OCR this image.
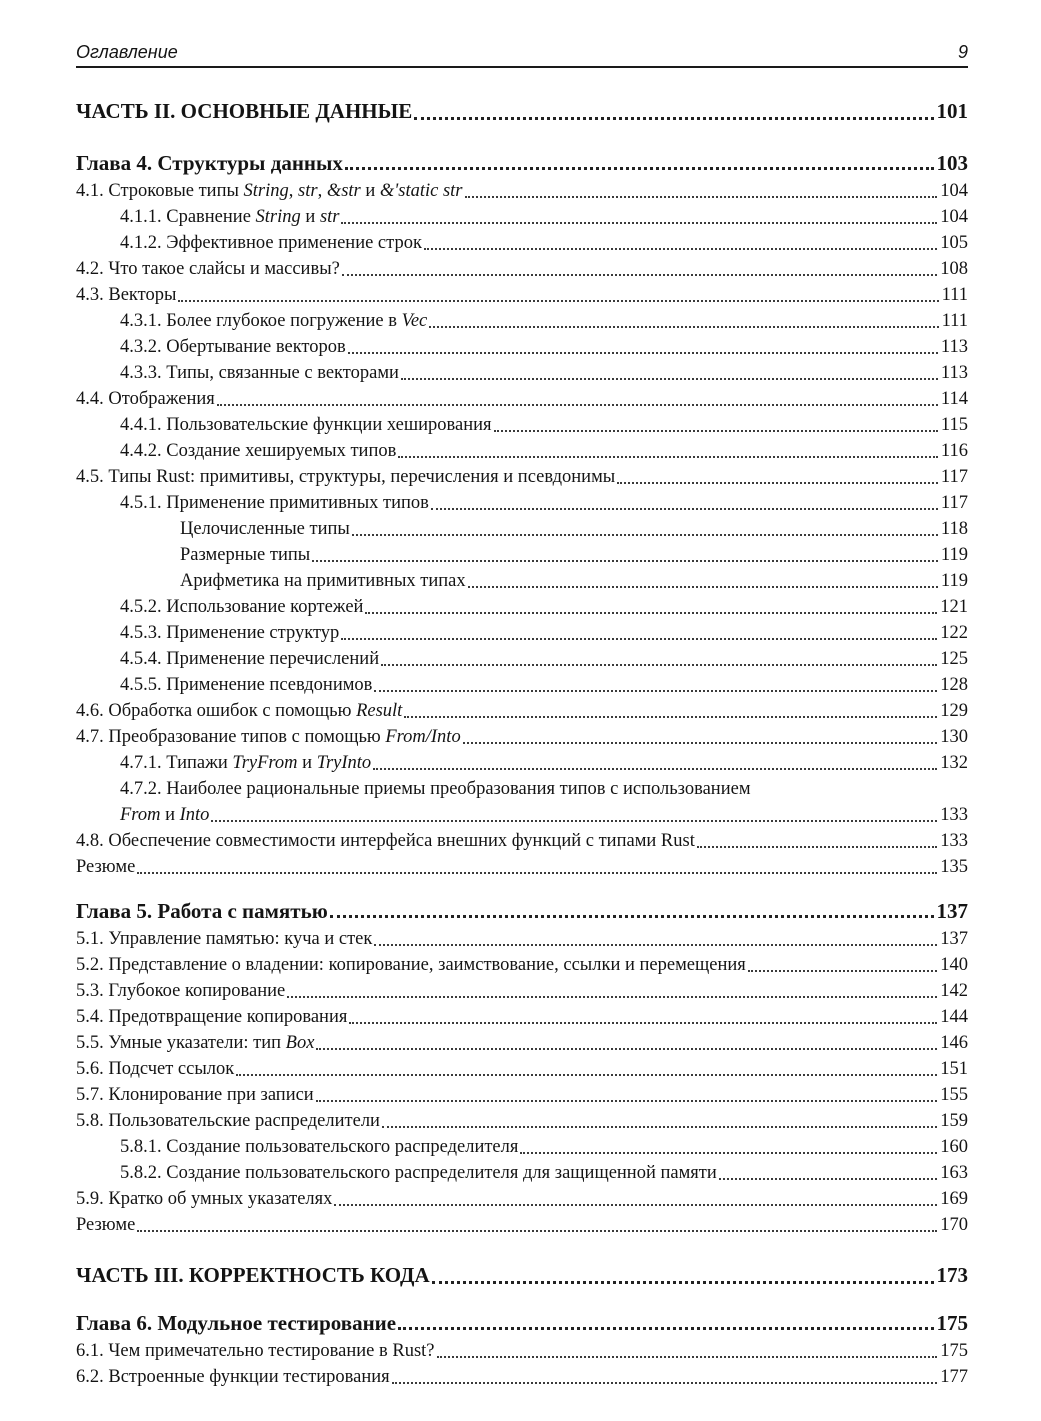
Оглавление	9
ЧАСТЬ II. ОСНОВНЫЕ ДАННЫЕ	101
Глава 4. Структуры данных	103
4.1. Строковые типы String, str, &str и &'static str	104
4.1.1. Сравнение String и str	104
4.1.2. Эффективное применение строк	105
4.2. Что такое слайсы и массивы?	108
4.3. Векторы	111
4.3.1. Более глубокое погружение в Vec	111
4.3.2. Обертывание векторов	113
4.3.3. Типы, связанные с векторами	113
4.4. Отображения	114
4.4.1. Пользовательские функции хеширования	115
4.4.2. Создание хешируемых типов	116
4.5. Типы Rust: примитивы, структуры, перечисления и псевдонимы	117
4.5.1. Применение примитивных типов	117
Целочисленные типы	118
Размерные типы	119
Арифметика на примитивных типах	119
4.5.2. Использование кортежей	121
4.5.3. Применение структур	122
4.5.4. Применение перечислений	125
4.5.5. Применение псевдонимов	128
4.6. Обработка ошибок с помощью Result	129
4.7. Преобразование типов с помощью From/Into	130
4.7.1. Типажи TryFrom и TryInto	132
4.7.2. Наиболее рациональные приемы преобразования типов с использованием
From и Into	133
4.8. Обеспечение совместимости интерфейса внешних функций с типами Rust	133
Резюме	135
Глава 5. Работа с памятью	137
5.1. Управление памятью: куча и стек	137
5.2. Представление о владении: копирование, заимствование, ссылки и перемещения	140
5.3. Глубокое копирование	142
5.4. Предотвращение копирования	144
5.5. Умные указатели: тип Box	146
5.6. Подсчет ссылок	151
5.7. Клонирование при записи	155
5.8. Пользовательские распределители	159
5.8.1. Создание пользовательского распределителя	160
5.8.2. Создание пользовательского распределителя для защищенной памяти	163
5.9. Кратко об умных указателях	169
Резюме	170
ЧАСТЬ III. КОРРЕКТНОСТЬ КОДА	173
Глава 6. Модульное тестирование	175
6.1. Чем примечательно тестирование в Rust?	175
6.2. Встроенные функции тестирования	177
